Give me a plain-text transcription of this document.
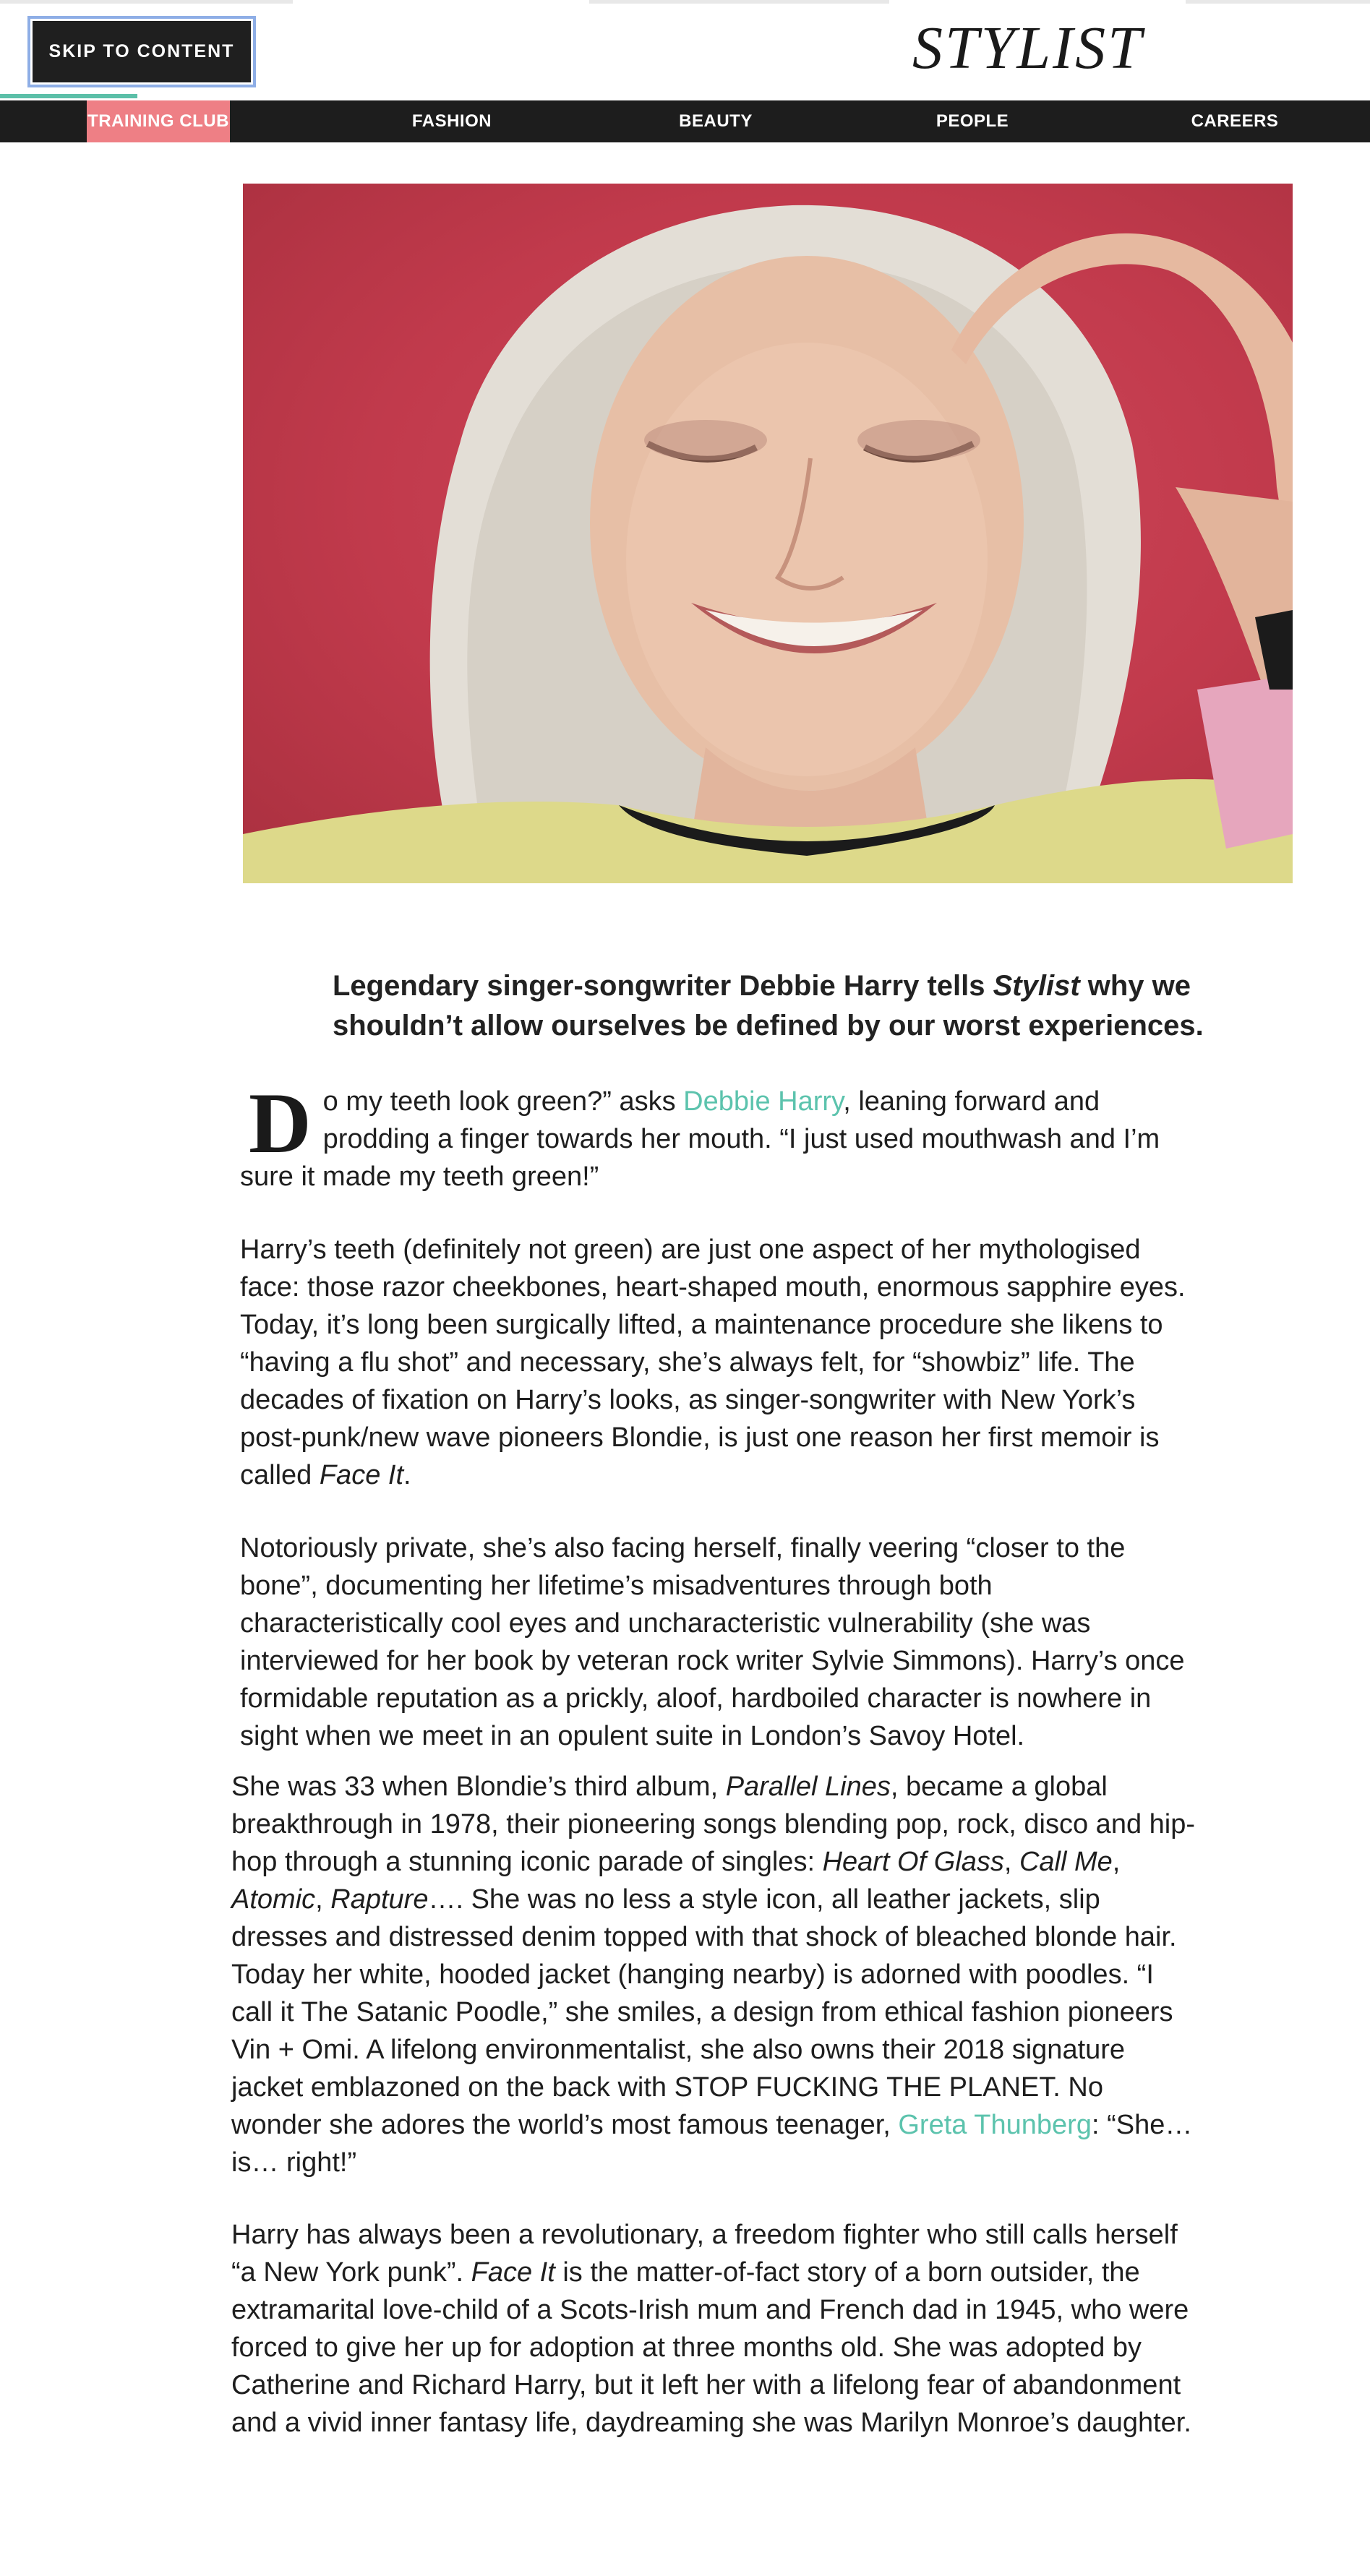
SKIP TO CONTENT	STYLIST
TRAINING CLUB	FASHION	BEAUTY	PEOPLE	CAREERS
Legendary singer-songwriter Debbie Harry tells Stylist why we shouldn’t allow ourselves be defined by our worst experiences.

Do my teeth look green?” asks Debbie Harry, leaning forward and prodding a finger towards her mouth. “I just used mouthwash and I’m sure it made my teeth green!”

Harry’s teeth (definitely not green) are just one aspect of her mythologised face: those razor cheekbones, heart-shaped mouth, enormous sapphire eyes. Today, it’s long been surgically lifted, a maintenance procedure she likens to “having a flu shot” and necessary, she’s always felt, for “showbiz” life. The decades of fixation on Harry’s looks, as singer-songwriter with New York’s post-punk/new wave pioneers Blondie, is just one reason her first memoir is called Face It.

Notoriously private, she’s also facing herself, finally veering “closer to the bone”, documenting her lifetime’s misadventures through both characteristically cool eyes and uncharacteristic vulnerability (she was interviewed for her book by veteran rock writer Sylvie Simmons). Harry’s once formidable reputation as a prickly, aloof, hardboiled character is nowhere in sight when we meet in an opulent suite in London’s Savoy Hotel.

She was 33 when Blondie’s third album, Parallel Lines, became a global breakthrough in 1978, their pioneering songs blending pop, rock, disco and hip-hop through a stunning iconic parade of singles: Heart Of Glass, Call Me, Atomic, Rapture…. She was no less a style icon, all leather jackets, slip dresses and distressed denim topped with that shock of bleached blonde hair. Today her white, hooded jacket (hanging nearby) is adorned with poodles. “I call it The Satanic Poodle,” she smiles, a design from ethical fashion pioneers Vin + Omi. A lifelong environmentalist, she also owns their 2018 signature jacket emblazoned on the back with STOP FUCKING THE PLANET. No wonder she adores the world’s most famous teenager, Greta Thunberg: “She… is… right!”

Harry has always been a revolutionary, a freedom fighter who still calls herself “a New York punk”. Face It is the matter-of-fact story of a born outsider, the extramarital love-child of a Scots-Irish mum and French dad in 1945, who were forced to give her up for adoption at three months old. She was adopted by Catherine and Richard Harry, but it left her with a lifelong fear of abandonment and a vivid inner fantasy life, daydreaming she was Marilyn Monroe’s daughter.
